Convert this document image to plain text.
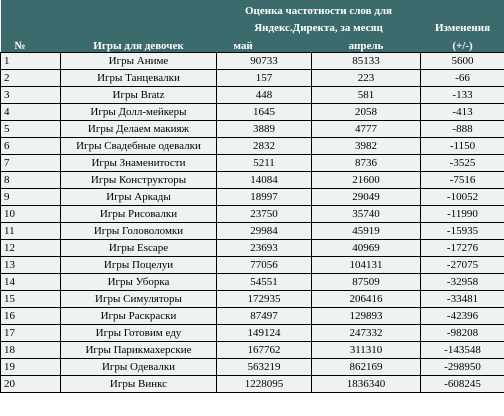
		Оценка частотности слов для		
		Яндекс.Директа, за месяц		Изменения
№	Игры для девочек	май	апрель	(+/-)
1	Игры Аниме	90733	85133	5600
2	Игры Танцевалки	157	223	-66
3	Игры Bratz	448	581	-133
4	Игры Долл-мейкеры	1645	2058	-413
5	Игры Делаем макияж	3889	4777	-888
6	Игры Свадебные одевалки	2832	3982	-1150
7	Игры Знаменитости	5211	8736	-3525
8	Игры Конструкторы	14084	21600	-7516
9	Игры Аркады	18997	29049	-10052
10	Игры Рисовалки	23750	35740	-11990
11	Игры Головоломки	29984	45919	-15935
12	Игры Escape	23693	40969	-17276
13	Игры Поцелуи	77056	104131	-27075
14	Игры Уборка	54551	87509	-32958
15	Игры Симуляторы	172935	206416	-33481
16	Игры Раскраски	87497	129893	-42396
17	Игры Готовим еду	149124	247332	-98208
18	Игры Парикмахерские	167762	311310	-143548
19	Игры Одевалки	563219	862169	-298950
20	Игры Винкс	1228095	1836340	-608245
